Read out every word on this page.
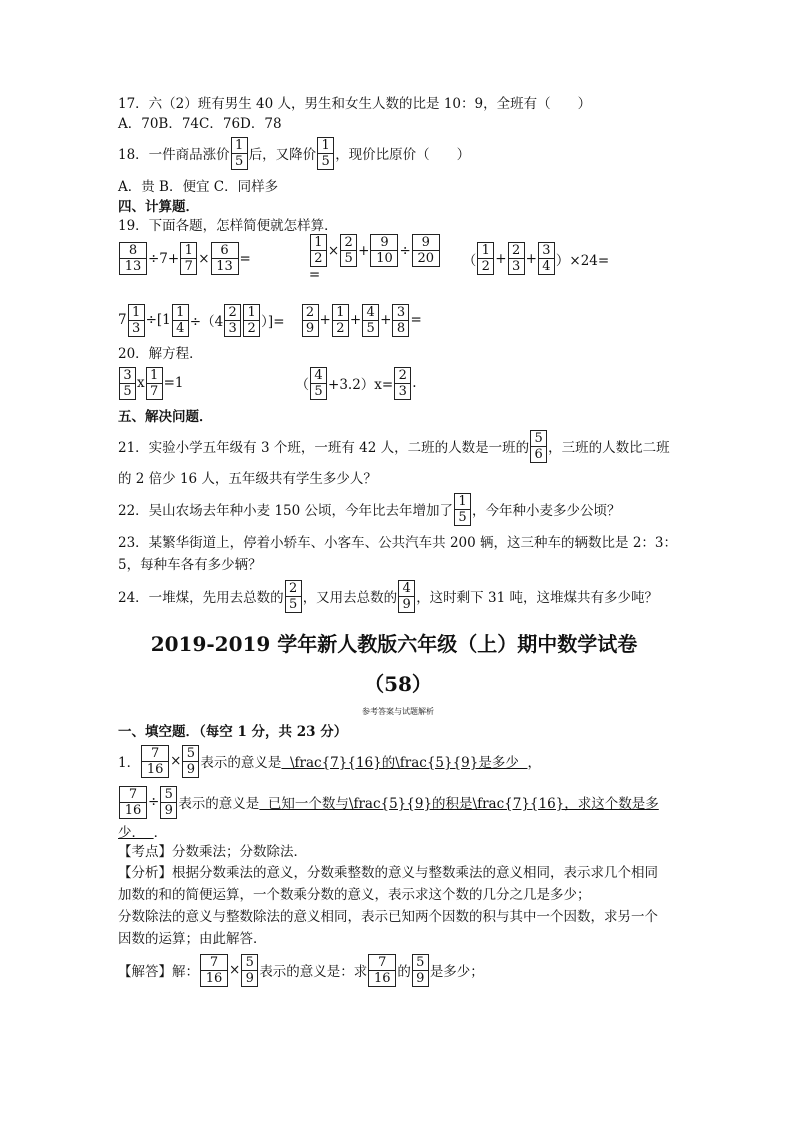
17．六（2）班有男生 40 人，男生和女生人数的比是 10：9，全班有（　　）
A．70B．74C．76D．78
18．一件商品涨价
1
5 后，又降价
1
5 ，现价比原价（　　）
A．贵 B．便宜 C．同样多
四、计算题．
19．下面各题，怎样简便就怎样算．
$\frac{8}{13} \div 7+ \frac{1}{7} \times \frac{6}{13}$ =	$\frac{1}{2} \times \frac{2}{5} + \frac{9}{10} \div \frac{9}{20}$
=
（
1
$2 + \frac{2}{3} + \frac{3}{4} )\times 24=$
$7 \frac{1}{3} \div[1 \frac{1}{4} \div(4$
2
3
1
2 ）]=
2
$9 + \frac{1}{2} + \frac{4}{5} + \frac{3}{8}$ =
20．解方程．
3
5 x $\frac{1}{7} =1$	（
4
$5 +3.2)x= \frac{2}{3}$ .
五、解决问题．
21．实验小学五年级有 3 个班，一班有 42 人，二班的人数是一班的
5
6 ，三班的人数比二班
的 2 倍少 16 人，五年级共有学生多少人？
22．吴山农场去年种小麦 150 公顷，今年比去年增加了
1
5 ，今年种小麦多少公顷？
23．某繁华街道上，停着小轿车、小客车、公共汽车共 200 辆，这三种车的辆数比是 2：3：
5，每种车各有多少辆？
24．一堆煤，先用去总数的
2
5 ，又用去总数的
4
9 ，这时剩下 31 吨，这堆煤共有多少吨？
2019-2019 学年新人教版六年级（上）期中数学试卷
（58）
参考答案与试题解析
一、填空题．（每空 1 分，共 23 分）
1． $\frac{7}{16} \times \frac{5}{9}$ 表示的意义是 \frac{7}{16}的\frac{5}{9}是多少 ，
$\frac{7}{16} \div \frac{5}{9}$ 表示的意义是 已知一个数与\frac{5}{9}的积是\frac{7}{16}，求这个数是多
少． ．
【考点】 分数乘法；分数除法．
【分析】 根据分数乘法的意义，分数乘整数的意义与整数乘法的意义相同，表示求几个相同
加数的和的简便运算，一个数乘分数的意义，表示求这个数的几分之几是多少；
分数除法的意义与整数除法的意义相同，表示已知两个因数的积与其中一个因数，求另一个
因数的运算；由此解答．
【解答】 解： $\frac{7}{16} \times \frac{5}{9}$ 表示的意义是：求
7
16 的
5
9 是多少；
